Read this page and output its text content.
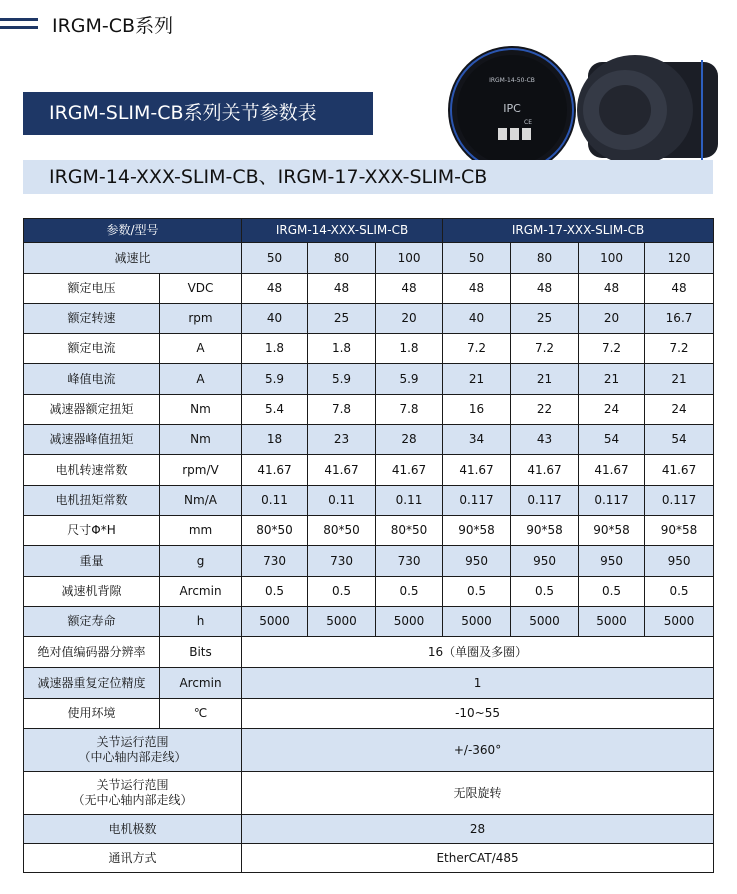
IRGM-CB系列
IRGM-SLIM-CB系列关节参数表
IRGM-14-50-CB
IPC
CE
IRGM-14-XXX-SLIM-CB、IRGM-17-XXX-SLIM-CB
参数/型号		IRGM-14-XXX-SLIM-CB			IRGM-17-XXX-SLIM-CB			
减速比		50	80	100	50	80	100	120
额定电压	VDC	48	48	48	48	48	48	48
额定转速	rpm	40	25	20	40	25	20	16.7
额定电流	A	1.8	1.8	1.8	7.2	7.2	7.2	7.2
峰值电流	A	5.9	5.9	5.9	21	21	21	21
减速器额定扭矩	Nm	5.4	7.8	7.8	16	22	24	24
减速器峰值扭矩	Nm	18	23	28	34	43	54	54
电机转速常数	rpm/V	41.67	41.67	41.67	41.67	41.67	41.67	41.67
电机扭矩常数	Nm/A	0.11	0.11	0.11	0.117	0.117	0.117	0.117
尺寸Φ*H	mm	80*50	80*50	80*50	90*58	90*58	90*58	90*58
重量	g	730	730	730	950	950	950	950
减速机背隙	Arcmin	0.5	0.5	0.5	0.5	0.5	0.5	0.5
额定寿命	h	5000	5000	5000	5000	5000	5000	5000
绝对值编码器分辨率	Bits	16（单圈及多圈）						
减速器重复定位精度	Arcmin	1						
使用环境	℃	-10~55						

关节运行范围
（中心轴内部走线）		+/-360°						

关节运行范围
（无中心轴内部走线）		无限旋转						
电机极数		28						
通讯方式		EtherCAT/485						
